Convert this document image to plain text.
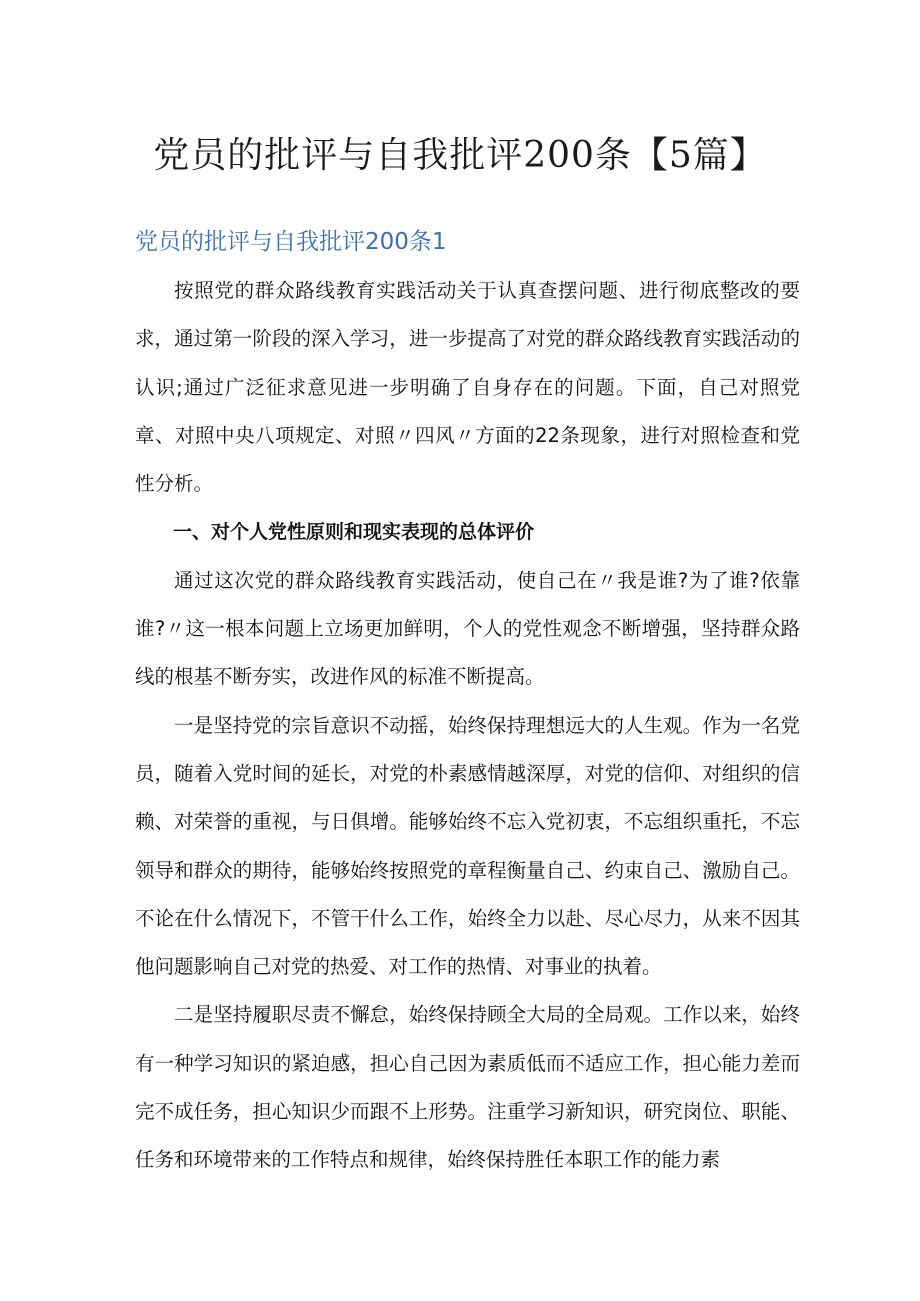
党员的批评与自我批评200条【5篇】
党员的批评与自我批评200条1

按照党的群众路线教育实践活动关于认真查摆问题、进行彻底整改的要求，通过第一阶段的深入学习，进一步提高了对党的群众路线教育实践活动的认识;通过广泛征求意见进一步明确了自身存在的问题。下面，自己对照党章、对照中央八项规定、对照〃四风〃方面的22条现象，进行对照检查和党性分析。

一、对个人党性原则和现实表现的总体评价

通过这次党的群众路线教育实践活动，使自己在〃我是谁?为了谁?依靠谁?〃这一根本问题上立场更加鲜明，个人的党性观念不断增强，坚持群众路线的根基不断夯实，改进作风的标准不断提高。

一是坚持党的宗旨意识不动摇，始终保持理想远大的人生观。作为一名党员，随着入党时间的延长，对党的朴素感情越深厚，对党的信仰、对组织的信赖、对荣誉的重视，与日俱增。能够始终不忘入党初衷，不忘组织重托，不忘领导和群众的期待，能够始终按照党的章程衡量自己、约束自己、激励自己。不论在什么情况下，不管干什么工作，始终全力以赴、尽心尽力，从来不因其他问题影响自己对党的热爱、对工作的热情、对事业的执着。

二是坚持履职尽责不懈怠，始终保持顾全大局的全局观。工作以来，始终有一种学习知识的紧迫感，担心自己因为素质低而不适应工作，担心能力差而完不成任务，担心知识少而跟不上形势。注重学习新知识，研究岗位、职能、任务和环境带来的工作特点和规律，始终保持胜任本职工作的能力素
